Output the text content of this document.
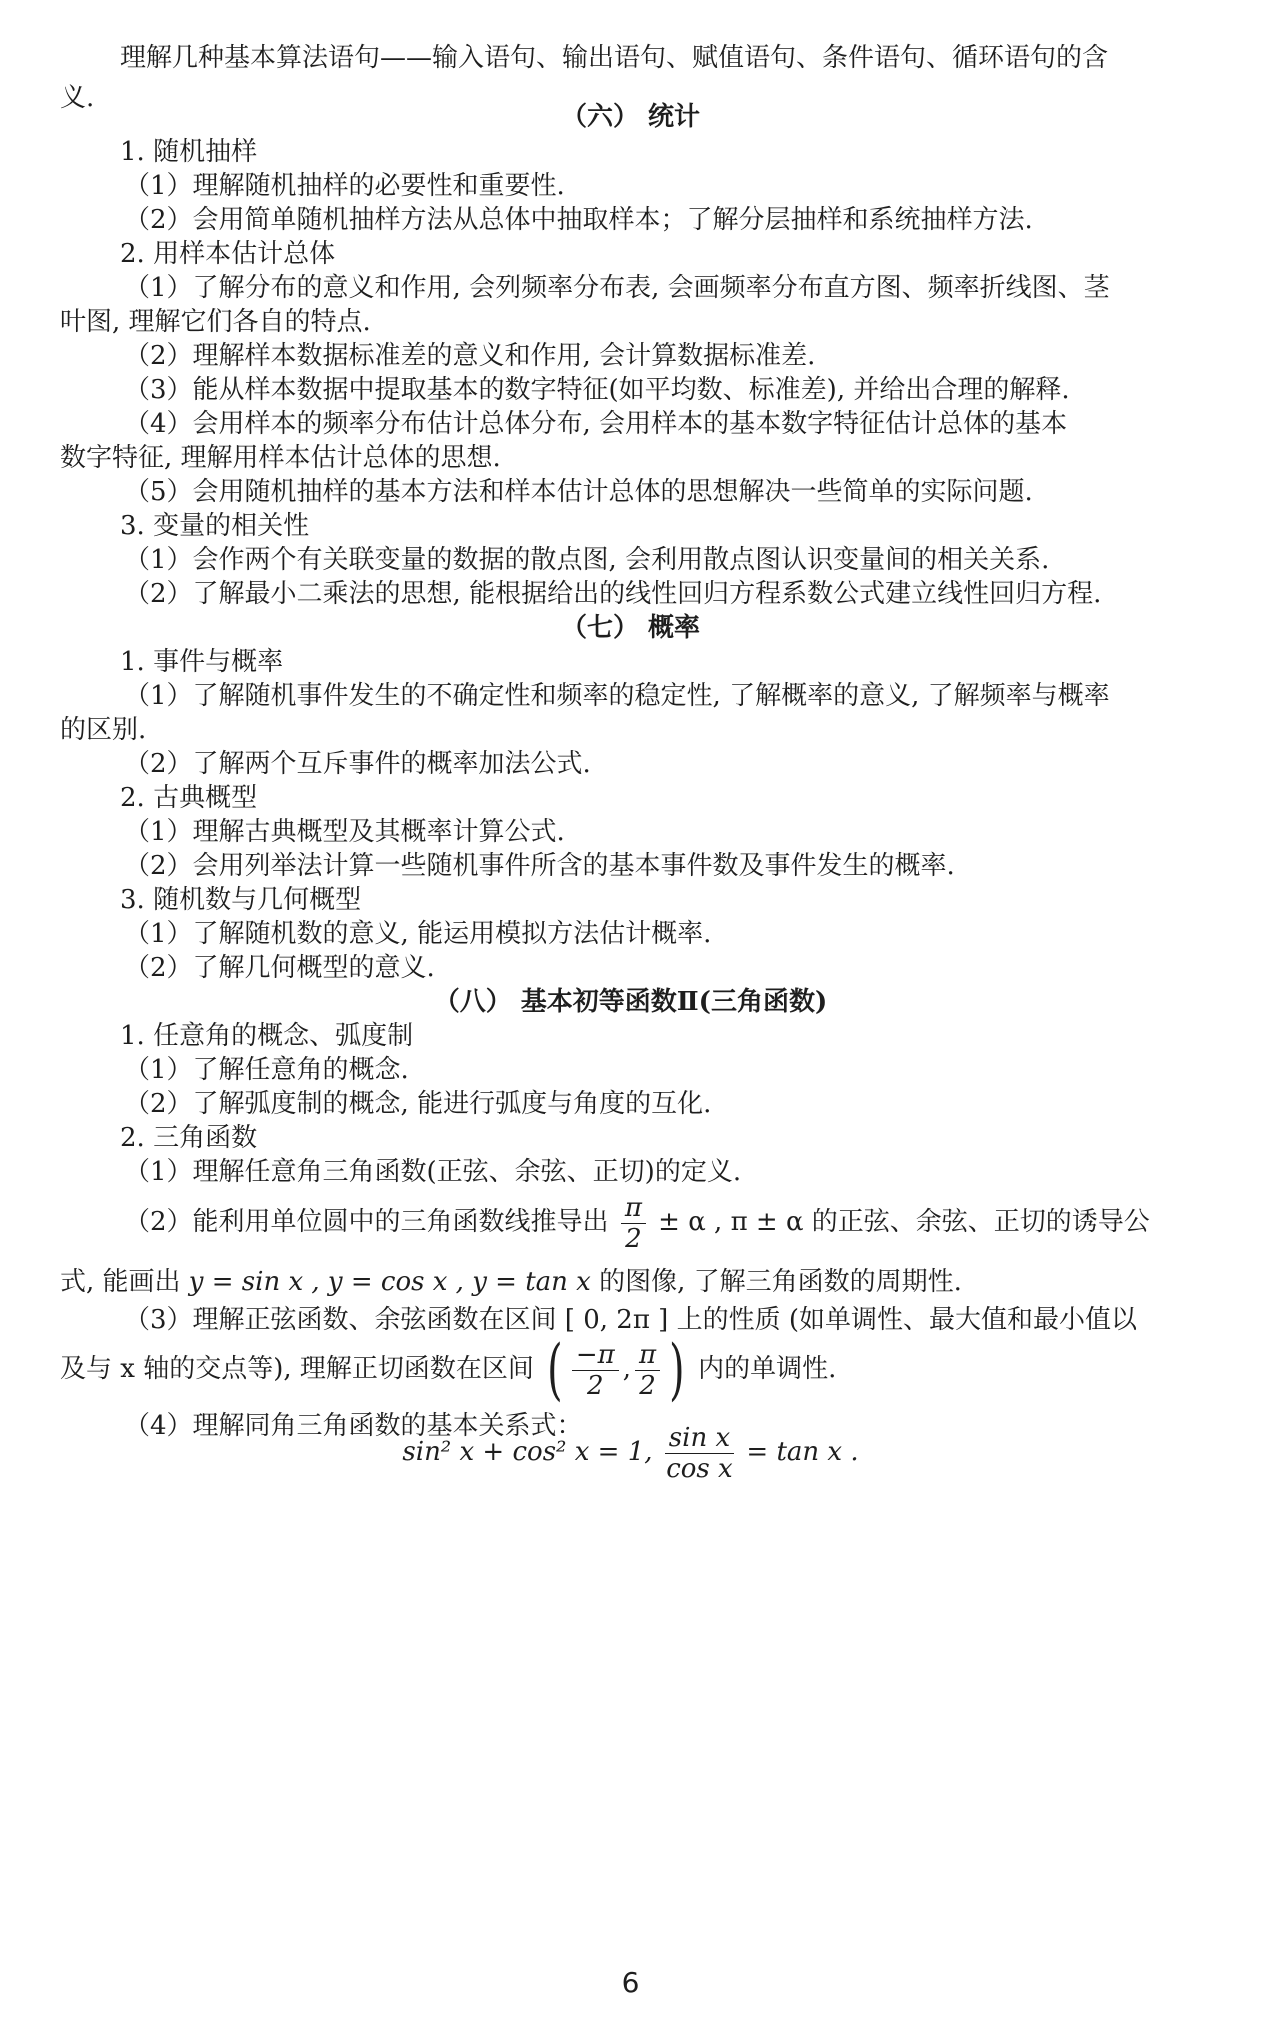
理解几种基本算法语句——输入语句、输出语句、赋值语句、条件语句、循环语句的含
义.
（六） 统计
1. 随机抽样
（1）理解随机抽样的必要性和重要性.
（2）会用简单随机抽样方法从总体中抽取样本；了解分层抽样和系统抽样方法.
2. 用样本估计总体
（1）了解分布的意义和作用, 会列频率分布表, 会画频率分布直方图、频率折线图、茎
叶图, 理解它们各自的特点.
（2）理解样本数据标准差的意义和作用, 会计算数据标准差.
（3）能从样本数据中提取基本的数字特征(如平均数、标准差), 并给出合理的解释.
（4）会用样本的频率分布估计总体分布, 会用样本的基本数字特征估计总体的基本
数字特征, 理解用样本估计总体的思想.
（5）会用随机抽样的基本方法和样本估计总体的思想解决一些简单的实际问题.
3. 变量的相关性
（1）会作两个有关联变量的数据的散点图, 会利用散点图认识变量间的相关关系.
（2）了解最小二乘法的思想, 能根据给出的线性回归方程系数公式建立线性回归方程.
（七） 概率
1. 事件与概率
（1）了解随机事件发生的不确定性和频率的稳定性, 了解概率的意义, 了解频率与概率
的区别.
（2）了解两个互斥事件的概率加法公式.
2. 古典概型
（1）理解古典概型及其概率计算公式.
（2）会用列举法计算一些随机事件所含的基本事件数及事件发生的概率.
3. 随机数与几何概型
（1）了解随机数的意义, 能运用模拟方法估计概率.
（2）了解几何概型的意义.
（八） 基本初等函数Ⅱ(三角函数)
1. 任意角的概念、弧度制
（1）了解任意角的概念.
（2）了解弧度制的概念, 能进行弧度与角度的互化.
2. 三角函数
（1）理解任意角三角函数(正弦、余弦、正切)的定义.
（2）能利用单位圆中的三角函数线推导出 $\frac{\pi}{2} \pm \alpha$ , π ± α 的正弦、余弦、正切的诱导公
式, 能画出 y = sin x , y = cos x , y = tan x 的图像, 了解三角函数的周期性.
（3）理解正弦函数、余弦函数在区间 [ 0, 2π ] 上的性质 (如单调性、最大值和最小值以
及与 x 轴的交点等), 理解正切函数在区间 ( $\frac{-\pi}{2}$ , $\frac{\pi}{2}$ ) 内的单调性.
（4）理解同角三角函数的基本关系式：
sin² x + cos² x = 1, $\frac{\text{sin x}}{\text{cos x}} = \tan x$ .
6
